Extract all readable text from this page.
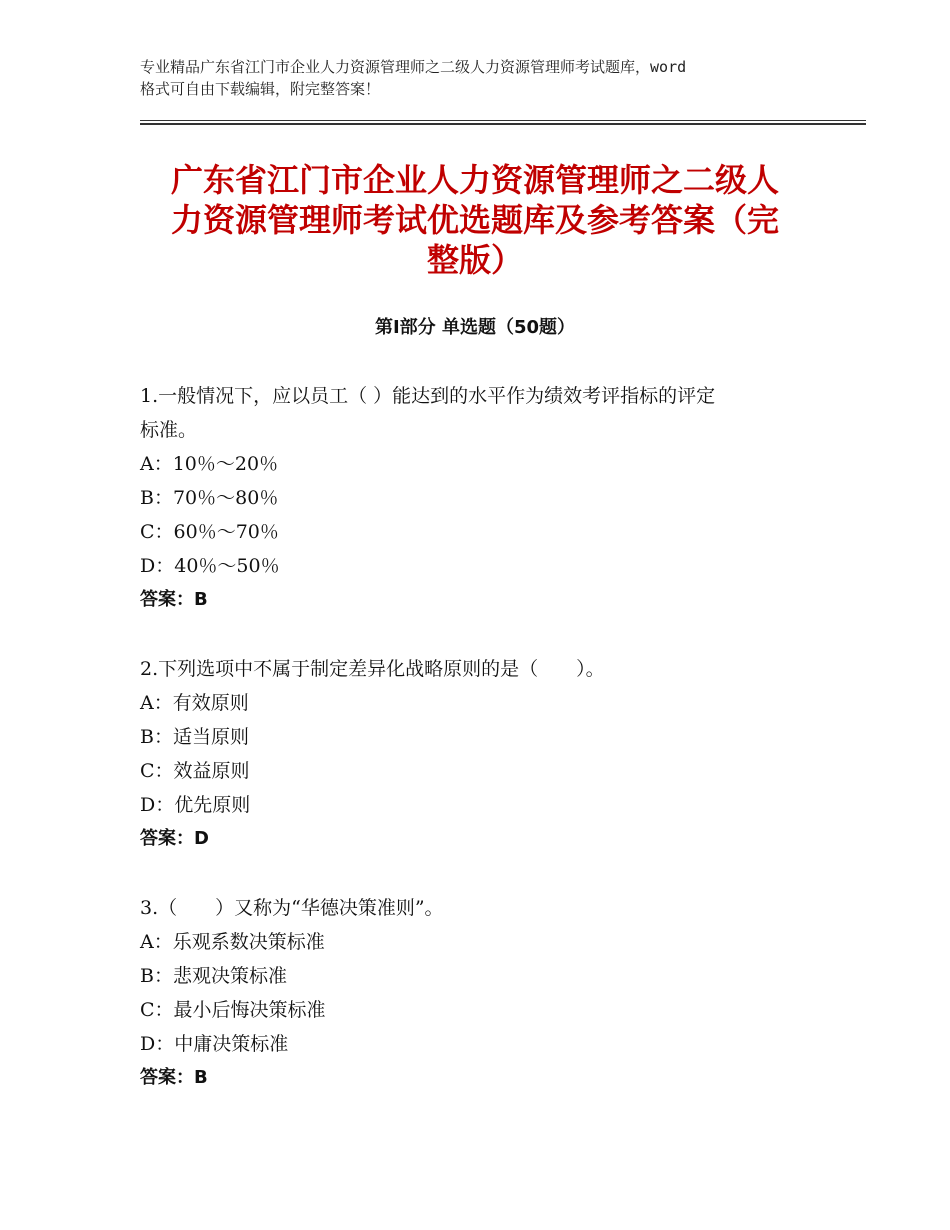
专业精品广东省江门市企业人力资源管理师之二级人力资源管理师考试题库，word
格式可自由下载编辑，附完整答案！
广东省江门市企业人力资源管理师之二级人
力资源管理师考试优选题库及参考答案（完
整版）
第Ⅰ部分 单选题（50题）

1.一般情况下，应以员工（ ）能达到的水平作为绩效考评指标的评定

标准。

A：10％～20％

B：70％～80％

C：60％～70％

D：40％～50％

答案：B

2.下列选项中不属于制定差异化战略原则的是（　　）。

A：有效原则

B：适当原则

C：效益原则

D：优先原则

答案：D

3.（　　）又称为“华德决策准则”。

A：乐观系数决策标准

B：悲观决策标准

C：最小后悔决策标准

D：中庸决策标准

答案：B
